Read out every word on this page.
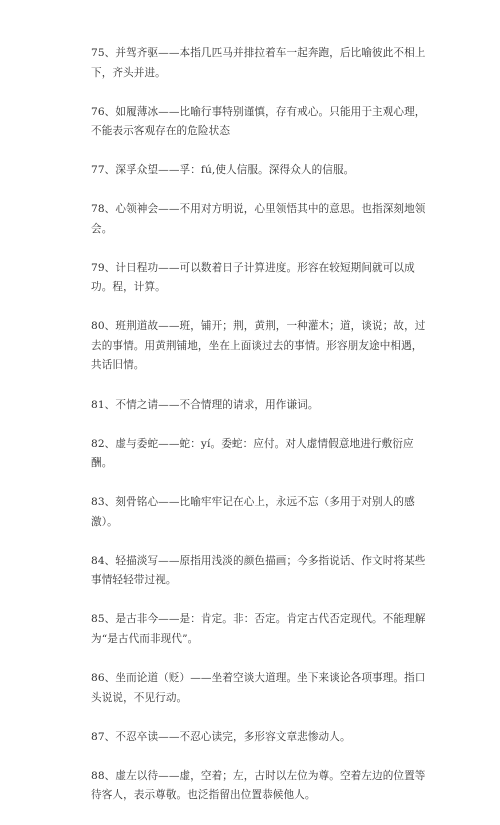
75、并驾齐驱——本指几匹马并排拉着车一起奔跑，后比喻彼此不相上下，齐头并进。

76、如履薄冰——比喻行事特别谨慎，存有戒心。只能用于主观心理，不能表示客观存在的危险状态

77、深孚众望——孚：fú,使人信服。深得众人的信服。

78、心领神会——不用对方明说，心里领悟其中的意思。也指深刻地领会。

79、计日程功——可以数着日子计算进度。形容在较短期间就可以成功。程，计算。

80、班荆道故——班，铺开；荆，黄荆，一种灌木；道，谈说；故，过去的事情。用黄荆铺地，坐在上面谈过去的事情。形容朋友途中相遇，共话旧情。

81、不情之请——不合情理的请求，用作谦词。

82、虚与委蛇——蛇：yí。委蛇：应付。对人虚情假意地进行敷衍应酬。

83、刻骨铭心——比喻牢牢记在心上，永远不忘（多用于对别人的感激）。

84、轻描淡写——原指用浅淡的颜色描画；今多指说话、作文时将某些事情轻轻带过视。

85、是古非今——是：肯定。非：否定。肯定古代否定现代。不能理解为“是古代而非现代”。

86、坐而论道（贬）——坐着空谈大道理。坐下来谈论各项事理。指口头说说，不见行动。

87、不忍卒读——不忍心读完，多形容文章悲惨动人。

88、虚左以待——虚，空着；左，古时以左位为尊。空着左边的位置等待客人，表示尊敬。也泛指留出位置恭候他人。
